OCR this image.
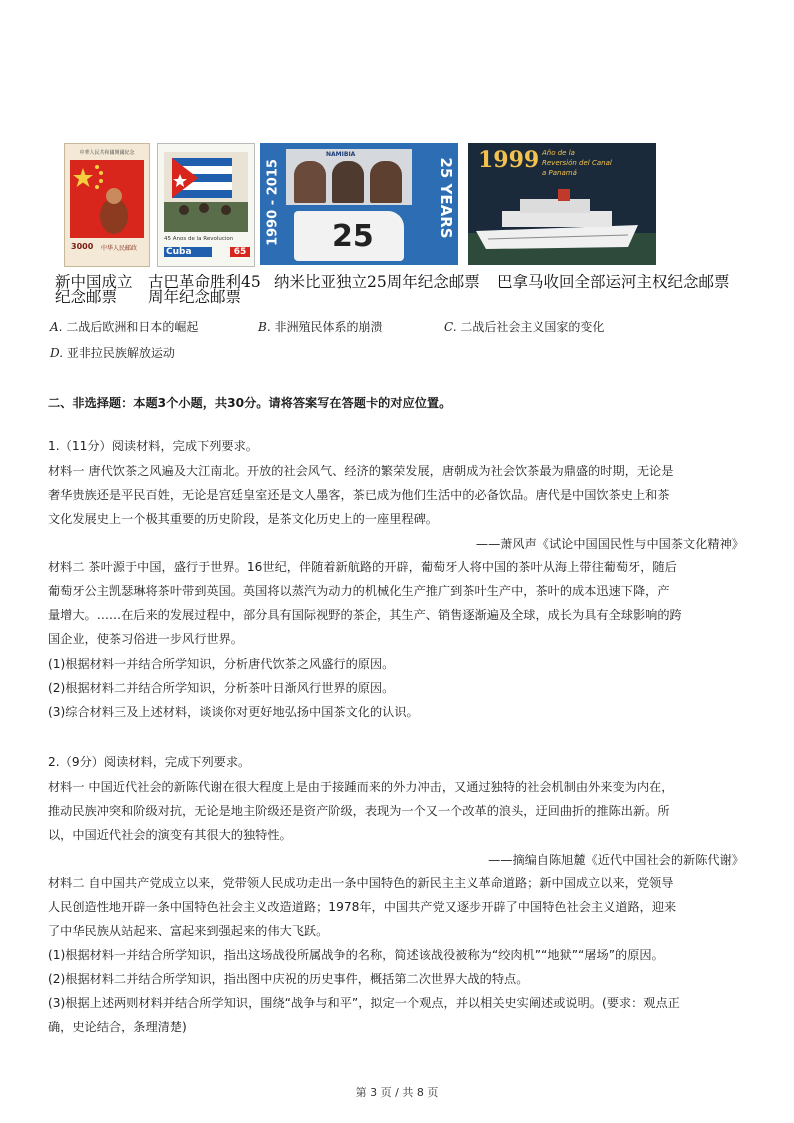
中華人民共和國開國紀念
3000 中华人民邮政
45 Anos de la Revolucion
Cuba	65
1990 - 2015
NAMIBIA
25	25 YEARS INDEPENDENCE
1999 Año de la
Reversión del Canal
a Panamá
新中国成立
纪念邮票
古巴革命胜利45
周年纪念邮票
纳米比亚独立25周年纪念邮票 巴拿马收回全部运河主权纪念邮票
A. 二战后欧洲和日本的崛起	B. 非洲殖民体系的崩溃	C. 二战后社会主义国家的变化
D. 亚非拉民族解放运动
二、非选择题：本题3个小题，共30分。请将答案写在答题卡的对应位置。
1.（11分）阅读材料，完成下列要求。
材料一 唐代饮茶之风遍及大江南北。开放的社会风气、经济的繁荣发展，唐朝成为社会饮茶最为鼎盛的时期，无论是
奢华贵族还是平民百姓，无论是宫廷皇室还是文人墨客，茶已成为他们生活中的必备饮品。唐代是中国饮茶史上和茶
文化发展史上一个极其重要的历史阶段，是茶文化历史上的一座里程碑。
——萧风声《试论中国国民性与中国茶文化精神》
材料二 茶叶源于中国，盛行于世界。16世纪，伴随着新航路的开辟，葡萄牙人将中国的茶叶从海上带往葡萄牙，随后
葡萄牙公主凯瑟琳将茶叶带到英国。英国将以蒸汽为动力的机械化生产推广到茶叶生产中，茶叶的成本迅速下降，产
量增大。……在后来的发展过程中，部分具有国际视野的茶企，其生产、销售逐渐遍及全球，成长为具有全球影响的跨
国企业，使茶习俗进一步风行世界。
(1)根据材料一并结合所学知识，分析唐代饮茶之风盛行的原因。
(2)根据材料二并结合所学知识，分析茶叶日渐风行世界的原因。
(3)综合材料三及上述材料，谈谈你对更好地弘扬中国茶文化的认识。
2.（9分）阅读材料，完成下列要求。
材料一 中国近代社会的新陈代谢在很大程度上是由于接踵而来的外力冲击，又通过独特的社会机制由外来变为内在，
推动民族冲突和阶级对抗，无论是地主阶级还是资产阶级，表现为一个又一个改革的浪头，迂回曲折的推陈出新。所
以，中国近代社会的演变有其很大的独特性。
——摘编自陈旭麓《近代中国社会的新陈代谢》
材料二 自中国共产党成立以来，党带领人民成功走出一条中国特色的新民主主义革命道路；新中国成立以来，党领导
人民创造性地开辟一条中国特色社会主义改造道路；1978年，中国共产党又逐步开辟了中国特色社会主义道路，迎来
了中华民族从站起来、富起来到强起来的伟大飞跃。
(1)根据材料一并结合所学知识，指出这场战役所属战争的名称，简述该战役被称为“绞肉机”“地狱”“屠场”的原因。
(2)根据材料二并结合所学知识，指出图中庆祝的历史事件，概括第二次世界大战的特点。
(3)根据上述两则材料并结合所学知识，围绕“战争与和平”，拟定一个观点，并以相关史实阐述或说明。(要求：观点正
确，史论结合，条理清楚)
第 3 页 / 共 8 页
